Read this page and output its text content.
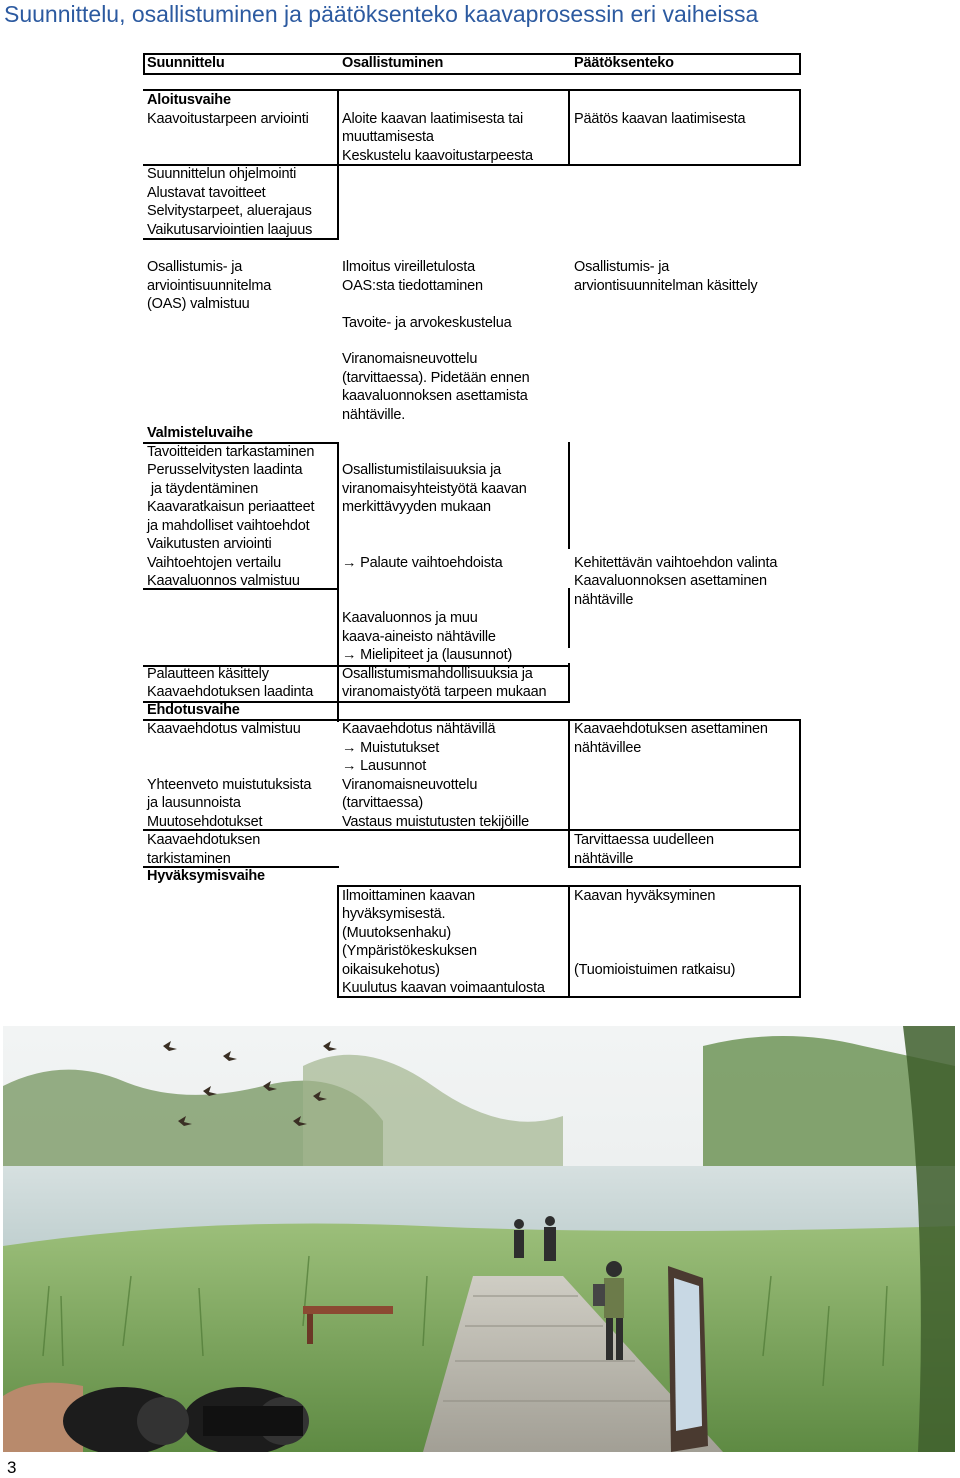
Suunnittelu, osallistuminen ja päätöksenteko kaavaprosessin eri vaiheissa
Suunnittelu	Osallistuminen	Päätöksenteko
Aloitusvaihe
Valmisteluvaihe
Ehdotusvaihe
Hyväksymisvaihe
Kaavoitustarpeen arviointi
Suunnittelun ohjelmointi
Alustavat tavoitteet
Selvitystarpeet, aluerajaus
Vaikutusarviointien laajuus
Osallistumis- ja
arviointisuunnitelma
(OAS) valmistuu
Tavoitteiden tarkastaminen
Perusselvitysten laadinta
ja täydentäminen
Kaavaratkaisun periaatteet
ja mahdolliset vaihtoehdot
Vaikutusten arviointi
Vaihtoehtojen vertailu
Kaavaluonnos valmistuu
Palautteen käsittely
Kaavaehdotuksen laadinta
Kaavaehdotus valmistuu
Yhteenveto muistutuksista
ja lausunnoista
Muutosehdotukset
Kaavaehdotuksen
tarkistaminen
Aloite kaavan laatimisesta tai
muuttamisesta
Keskustelu kaavoitustarpeesta
Ilmoitus vireilletulosta
OAS:sta tiedottaminen
Tavoite- ja arvokeskustelua
Viranomaisneuvottelu
(tarvittaessa). Pidetään ennen
kaavaluonnoksen asettamista
nähtäville.
Osallistumistilaisuuksia ja
viranomaisyhteistyötä kaavan
merkittävyyden mukaan
→ Palaute vaihtoehdoista
Kaavaluonnos ja muu
kaava-aineisto nähtäville
→ Mielipiteet ja (lausunnot)
Osallistumismahdollisuuksia ja
viranomaistyötä tarpeen mukaan
Kaavaehdotus nähtävillä
→ Muistutukset
→ Lausunnot
Viranomaisneuvottelu
(tarvittaessa)
Vastaus muistutusten tekijöille
Ilmoittaminen kaavan
hyväksymisestä.
(Muutoksenhaku)
(Ympäristökeskuksen
oikaisukehotus)
Kuulutus kaavan voimaantulosta
Päätös kaavan laatimisesta
Osallistumis- ja
arviontisuunnitelman käsittely
Kehitettävän vaihtoehdon valinta
Kaavaluonnoksen asettaminen
nähtäville
Kaavaehdotuksen asettaminen
nähtävillee
Tarvittaessa uudelleen
nähtäville
Kaavan hyväksyminen
(Tuomioistuimen ratkaisu)
3
